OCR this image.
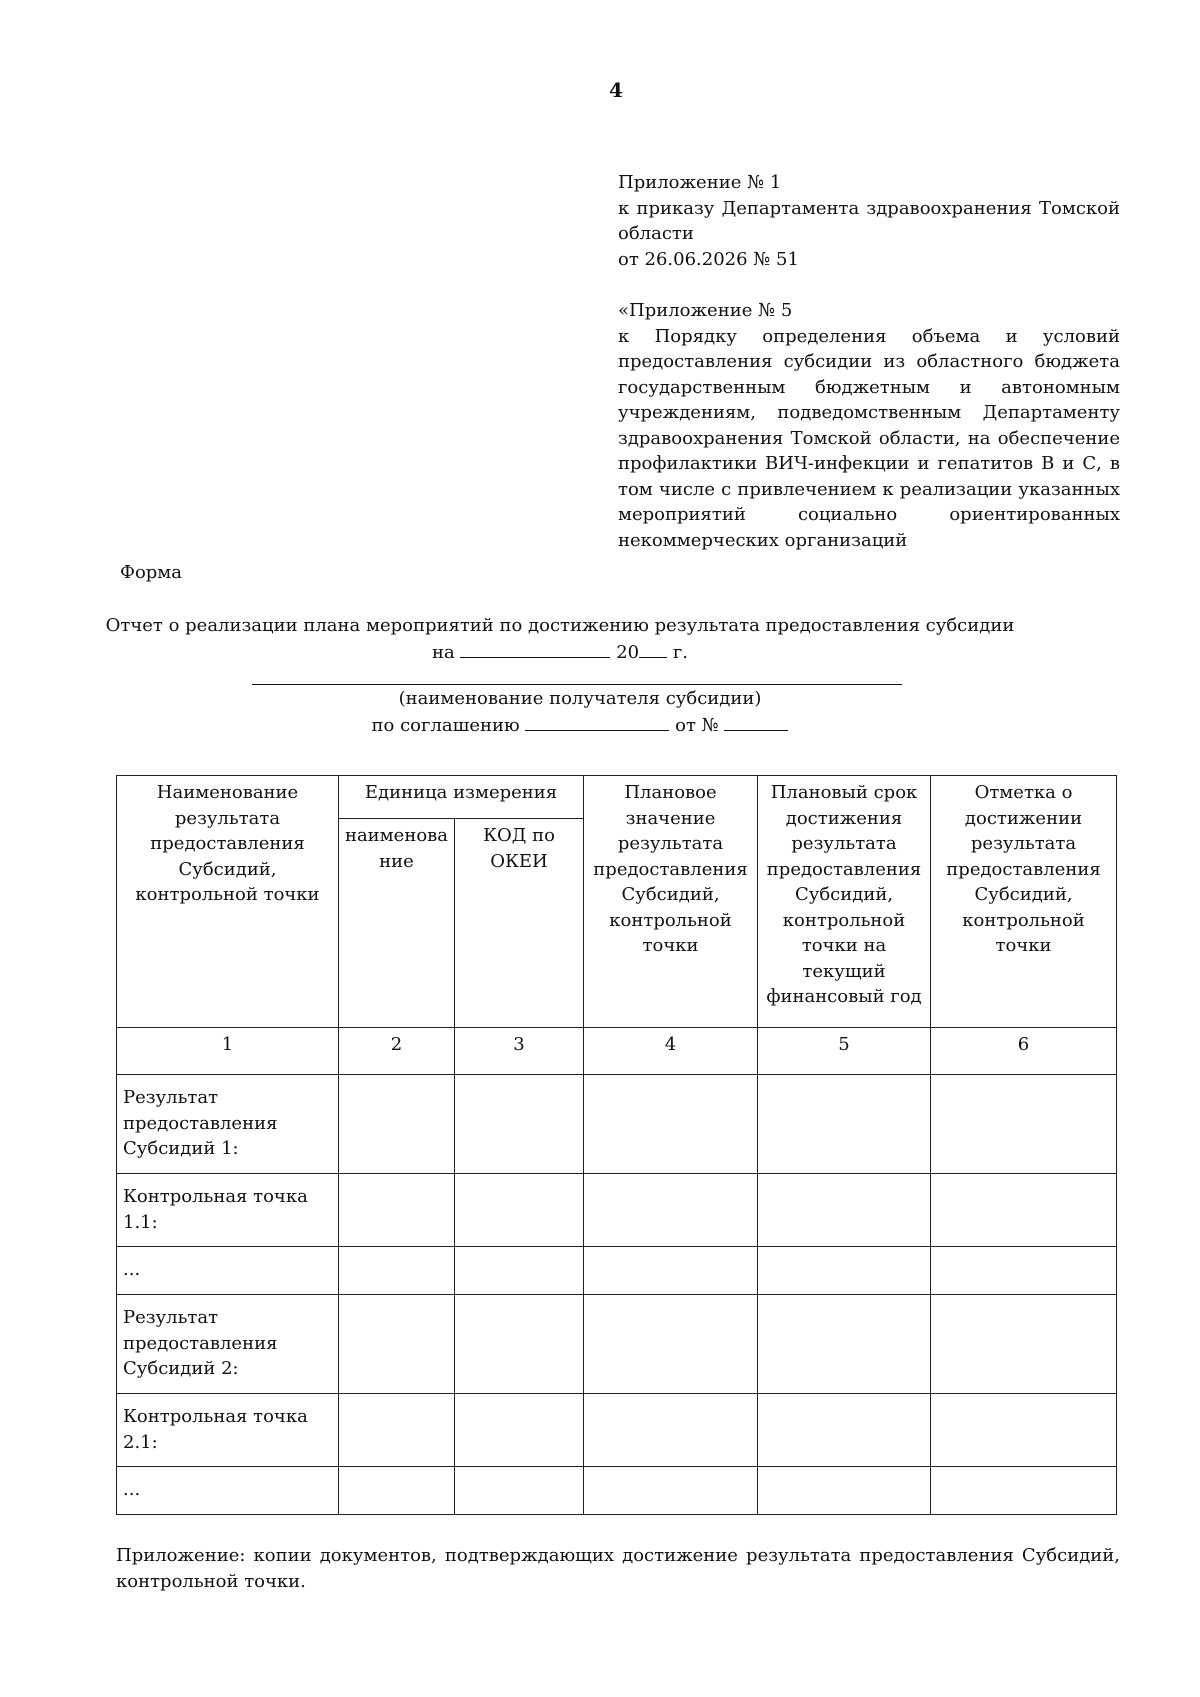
4
Приложение № 1
к приказу Департамента здравоохранения Томской
области
от 26.06.2026 № 51
«Приложение № 5
к Порядку определения объема и условий
предоставления субсидии из областного бюджета
государственным бюджетным и автономным
учреждениям, подведомственным Департаменту
здравоохранения Томской области, на обеспечение
профилактики ВИЧ-инфекции и гепатитов В и С, в
том числе с привлечением к реализации указанных
мероприятий социально ориентированных
некоммерческих организаций
Форма
Отчет о реализации плана мероприятий по достижению результата предоставления субсидии
на	20 г.
(наименование получателя субсидии)
по соглашению	от №
Наименование результата предоставления Субсидий, контрольной точки	Единица измерения		Плановое значение результата предоставления Субсидий, контрольной точки	Плановый срок достижения результата предоставления Субсидий, контрольной точки на текущий финансовый год	Отметка о достижении результата предоставления Субсидий, контрольной точки
	наименова ние	КОД по ОКЕИ			
1	2	3	4	5	6
Результат предоставления Субсидий 1:					
Контрольная точка 1.1:					
...					
Результат предоставления Субсидий 2:					
Контрольная точка 2.1:					
...					
Приложение: копии документов, подтверждающих достижение результата предоставления Субсидий, контрольной точки.
